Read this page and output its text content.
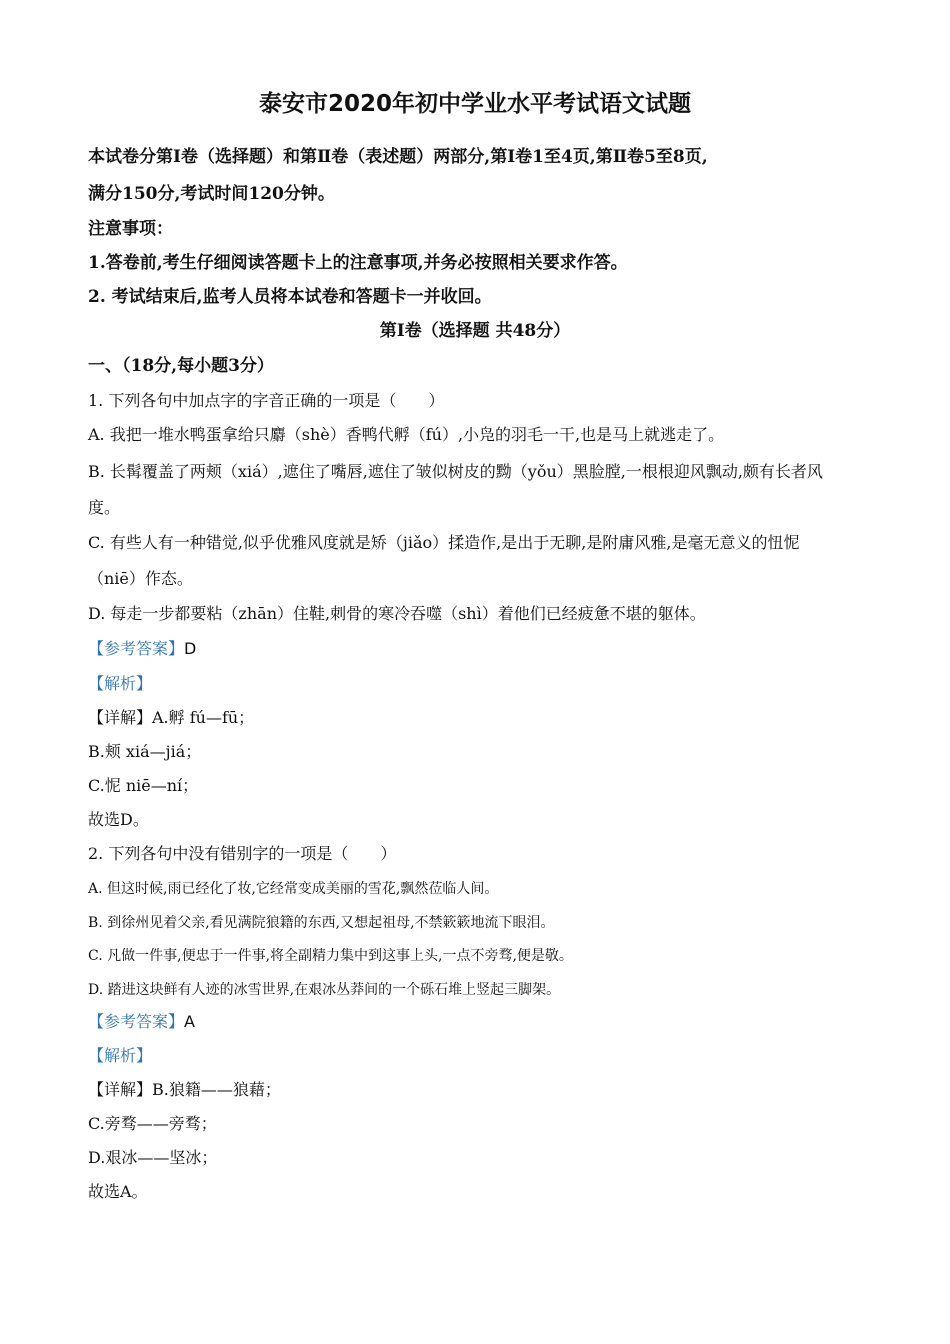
泰安市2020年初中学业水平考试语文试题
本试卷分第Ⅰ卷（选择题）和第Ⅱ卷（表述题）两部分,第Ⅰ卷1至4页,第Ⅱ卷5至8页,
满分150分,考试时间120分钟。
注意事项：
1.答卷前,考生仔细阅读答题卡上的注意事项,并务必按照相关要求作答。
2. 考试结束后,监考人员将本试卷和答题卡一并收回。
第Ⅰ卷（选择题 共48分）
一、（18分,每小题3分）
1. 下列各句中加点字的字音正确的一项是（　　）
A. 我把一堆水鸭蛋拿给只麝（shè）香鸭代孵（fú）,小凫的羽毛一干,也是马上就逃走了。
B. 长髯覆盖了两颊（xiá）,遮住了嘴唇,遮住了皱似树皮的黝（yǒu）黑脸膛,一根根迎风飘动,颇有长者风
度。
C. 有些人有一种错觉,似乎优雅风度就是矫（jiǎo）揉造作,是出于无聊,是附庸风雅,是毫无意义的忸怩
（niē）作态。
D. 每走一步都要粘（zhān）住鞋,刺骨的寒冷吞噬（shì）着他们已经疲惫不堪的躯体。
【参考答案】D
【解析】
【详解】A.孵 fú—fū；
B.颊 xiá—jiá；
C.怩 niē—ní；
故选D。
2. 下列各句中没有错别字的一项是（　　）
A. 但这时候,雨已经化了妆,它经常变成美丽的雪花,飘然莅临人间。
B. 到徐州见着父亲,看见满院狼籍的东西,又想起祖母,不禁簌簌地流下眼泪。
C. 凡做一件事,便忠于一件事,将全副精力集中到这事上头,一点不旁骛,便是敬。
D. 踏进这块鲜有人迹的冰雪世界,在艰冰丛莽间的一个砾石堆上竖起三脚架。
【参考答案】A
【解析】
【详解】B.狼籍——狼藉；
C.旁骛——旁骛；
D.艰冰——坚冰；
故选A。
